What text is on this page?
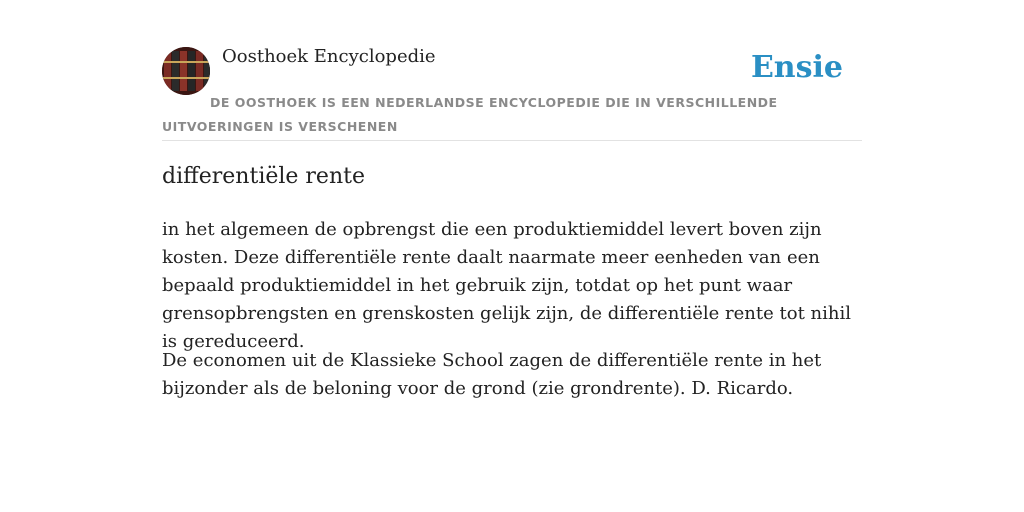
Oosthoek Encyclopedie	Ensie
DE OOSTHOEK IS EEN NEDERLANDSE ENCYCLOPEDIE DIE IN VERSCHILLENDE UITVOERINGEN IS VERSCHENEN
differentiële rente

in het algemeen de opbrengst die een produktiemiddel levert boven zijn kosten. Deze differentiële rente daalt naarmate meer eenheden van een bepaald produktiemiddel in het gebruik zijn, totdat op het punt waar grensopbrengsten en grenskosten gelijk zijn, de differentiële rente tot nihil is gereduceerd.

De economen uit de Klassieke School zagen de differentiële rente in het bijzonder als de beloning voor de grond (zie grondrente). D. Ricardo.
